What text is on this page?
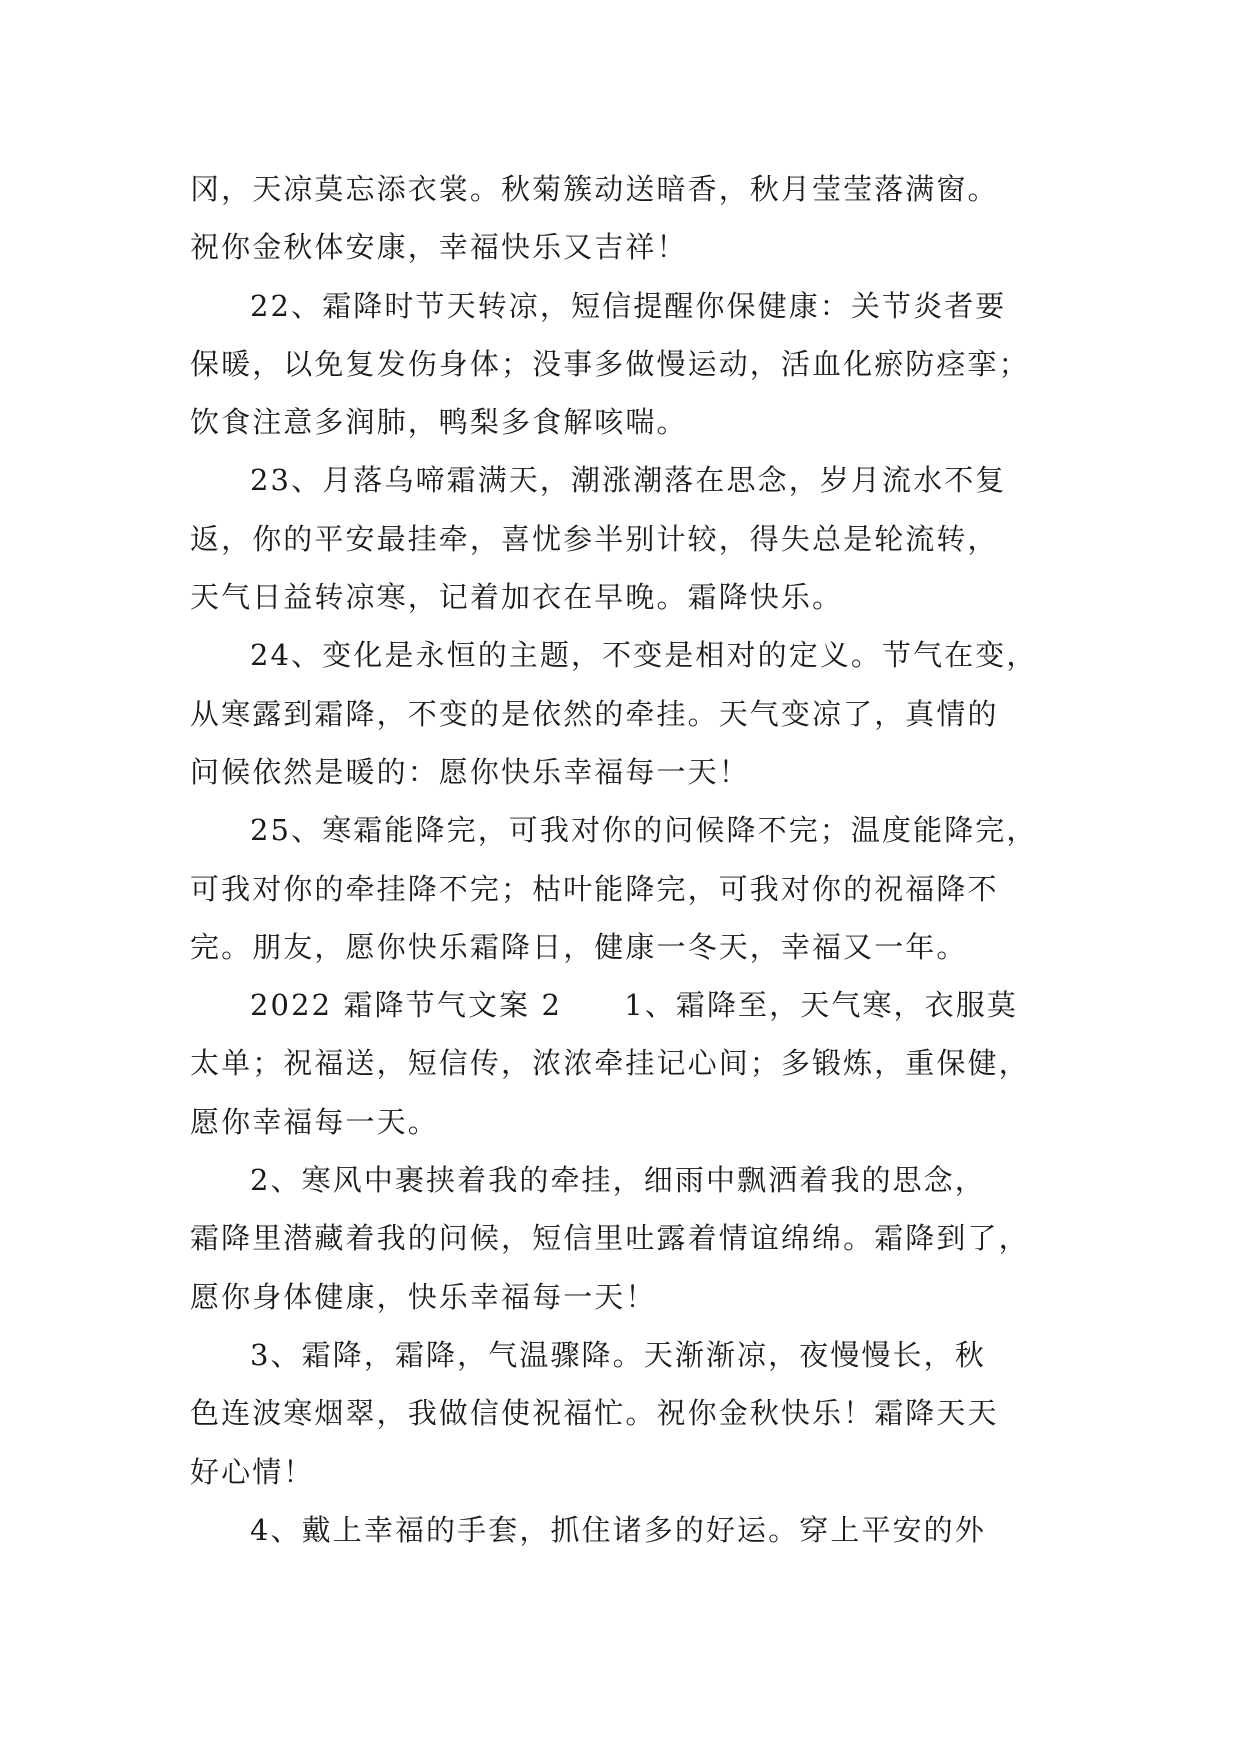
冈，天凉莫忘添衣裳。秋菊簇动送暗香，秋月莹莹落满窗。
祝你金秋体安康，幸福快乐又吉祥！
22、霜降时节天转凉，短信提醒你保健康：关节炎者要
保暖，以免复发伤身体；没事多做慢运动，活血化瘀防痉挛；
饮食注意多润肺，鸭梨多食解咳喘。
23、月落乌啼霜满天，潮涨潮落在思念，岁月流水不复
返，你的平安最挂牵，喜忧参半别计较，得失总是轮流转，
天气日益转凉寒，记着加衣在早晚。霜降快乐。
24、变化是永恒的主题，不变是相对的定义。节气在变，
从寒露到霜降，不变的是依然的牵挂。天气变凉了，真情的
问候依然是暖的：愿你快乐幸福每一天！
25、寒霜能降完，可我对你的问候降不完；温度能降完，
可我对你的牵挂降不完；枯叶能降完，可我对你的祝福降不
完。朋友，愿你快乐霜降日，健康一冬天，幸福又一年。
2022 霜降节气文案 2　　1、霜降至，天气寒，衣服莫
太单；祝福送，短信传，浓浓牵挂记心间；多锻炼，重保健，
愿你幸福每一天。
2、寒风中裹挟着我的牵挂，细雨中飘洒着我的思念，
霜降里潜藏着我的问候，短信里吐露着情谊绵绵。霜降到了，
愿你身体健康，快乐幸福每一天！
3、霜降，霜降，气温骤降。天渐渐凉，夜慢慢长，秋
色连波寒烟翠，我做信使祝福忙。祝你金秋快乐！霜降天天
好心情！
4、戴上幸福的手套，抓住诸多的好运。穿上平安的外
